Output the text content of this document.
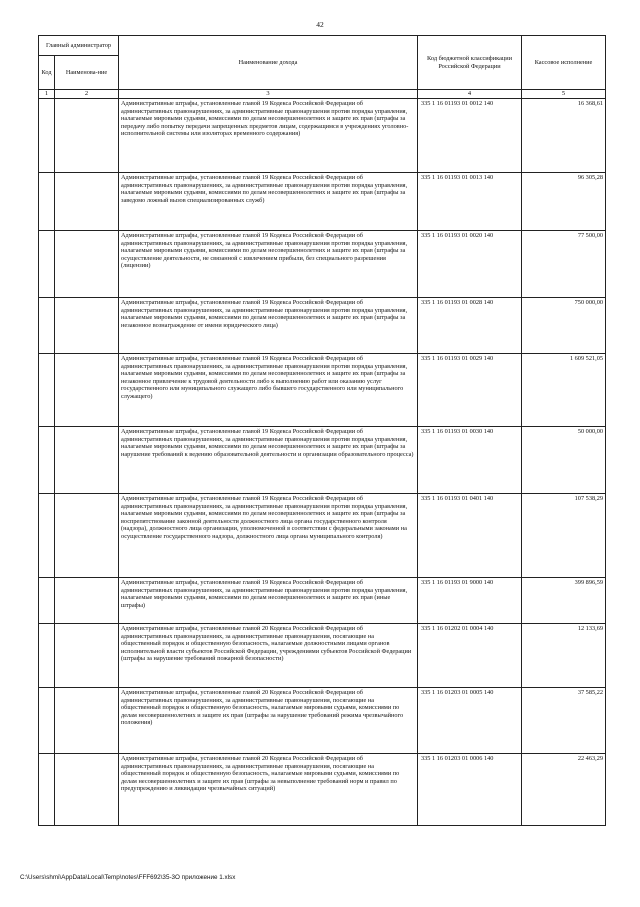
42
Главный администратор		Наименование дохода	Код бюджетной классификации Российской Федерации	Кассовое исполнение
Код	Наименова-ние			
1	2	3	4	5
		Административные штрафы, установленные главой 19 Кодекса Российской Федерации об административных правонарушениях, за административные правонарушения против порядка управления, налагаемые мировыми судьями, комиссиями по делам несовершеннолетних и защите их прав (штрафы за передачу либо попытку передачи запрещенных предметов лицам, содержащимся в учреждениях уголовно-исполнительной системы или изоляторах временного содержания)	335 1 16 01193 01 0012 140	16 368,61
		Административные штрафы, установленные главой 19 Кодекса Российской Федерации об административных правонарушениях, за административные правонарушения против порядка управления, налагаемые мировыми судьями, комиссиями по делам несовершеннолетних и защите их прав (штрафы за заведомо ложный вызов специализированных служб)	335 1 16 01193 01 0013 140	96 305,28
		Административные штрафы, установленные главой 19 Кодекса Российской Федерации об административных правонарушениях, за административные правонарушения против порядка управления, налагаемые мировыми судьями, комиссиями по делам несовершеннолетних и защите их прав (штрафы за осуществление деятельности, не связанной с извлечением прибыли, без специального разрешения (лицензии)	335 1 16 01193 01 0020 140	77 500,00
		Административные штрафы, установленные главой 19 Кодекса Российской Федерации об административных правонарушениях, за административные правонарушения против порядка управления, налагаемые мировыми судьями, комиссиями по делам несовершеннолетних и защите их прав (штрафы за незаконное вознаграждение от имени юридического лица)	335 1 16 01193 01 0028 140	750 000,00
		Административные штрафы, установленные главой 19 Кодекса Российской Федерации об административных правонарушениях, за административные правонарушения против порядка управления, налагаемые мировыми судьями, комиссиями по делам несовершеннолетних и защите их прав (штрафы за незаконное привлечение к трудовой деятельности либо к выполнению работ или оказанию услуг государственного или муниципального служащего либо бывшего государственного или муниципального служащего)	335 1 16 01193 01 0029 140	1 609 521,05
		Административные штрафы, установленные главой 19 Кодекса Российской Федерации об административных правонарушениях, за административные правонарушения против порядка управления, налагаемые мировыми судьями, комиссиями по делам несовершеннолетних и защите их прав (штрафы за нарушение требований к ведению образовательной деятельности и организации образовательного процесса)	335 1 16 01193 01 0030 140	50 000,00
		Административные штрафы, установленные главой 19 Кодекса Российской Федерации об административных правонарушениях, за административные правонарушения против порядка управления, налагаемые мировыми судьями, комиссиями по делам несовершеннолетних и защите их прав (штрафы за воспрепятствование законной деятельности должностного лица органа государственного контроля (надзора), должностного лица организации, уполномоченной в соответствии с федеральными законами на осуществление государственного надзора, должностного лица органа муниципального контроля)	335 1 16 01193 01 0401 140	107 538,29
		Административные штрафы, установленные главой 19 Кодекса Российской Федерации об административных правонарушениях, за административные правонарушения против порядка управления, налагаемые мировыми судьями, комиссиями по делам несовершеннолетних и защите их прав (иные штрафы)	335 1 16 01193 01 9000 140	399 896,59
		Административные штрафы, установленные главой 20 Кодекса Российской Федерации об административных правонарушениях, за административные правонарушения, посягающие на общественный порядок и общественную безопасность, налагаемые должностными лицами органов исполнительной власти субъектов Российской Федерации, учреждениями субъектов Российской Федерации (штрафы за нарушение требований пожарной безопасности)	335 1 16 01202 01 0004 140	12 133,69
		Административные штрафы, установленные главой 20 Кодекса Российской Федерации об административных правонарушениях, за административные правонарушения, посягающие на общественный порядок и общественную безопасность, налагаемые мировыми судьями, комиссиями по делам несовершеннолетних и защите их прав (штрафы за нарушение требований режима чрезвычайного положения)	335 1 16 01203 01 0005 140	37 585,22
		Административные штрафы, установленные главой 20 Кодекса Российской Федерации об административных правонарушениях, за административные правонарушения, посягающие на общественный порядок и общественную безопасность, налагаемые мировыми судьями, комиссиями по делам несовершеннолетних и защите их прав (штрафы за невыполнение требований норм и правил по предупреждению и ликвидации чрезвычайных ситуаций)	335 1 16 01203 01 0006 140	22 463,29
C:\Users\shmi\AppData\Local\Temp\notes\FFF692\35-3О приложение 1.xlsx
